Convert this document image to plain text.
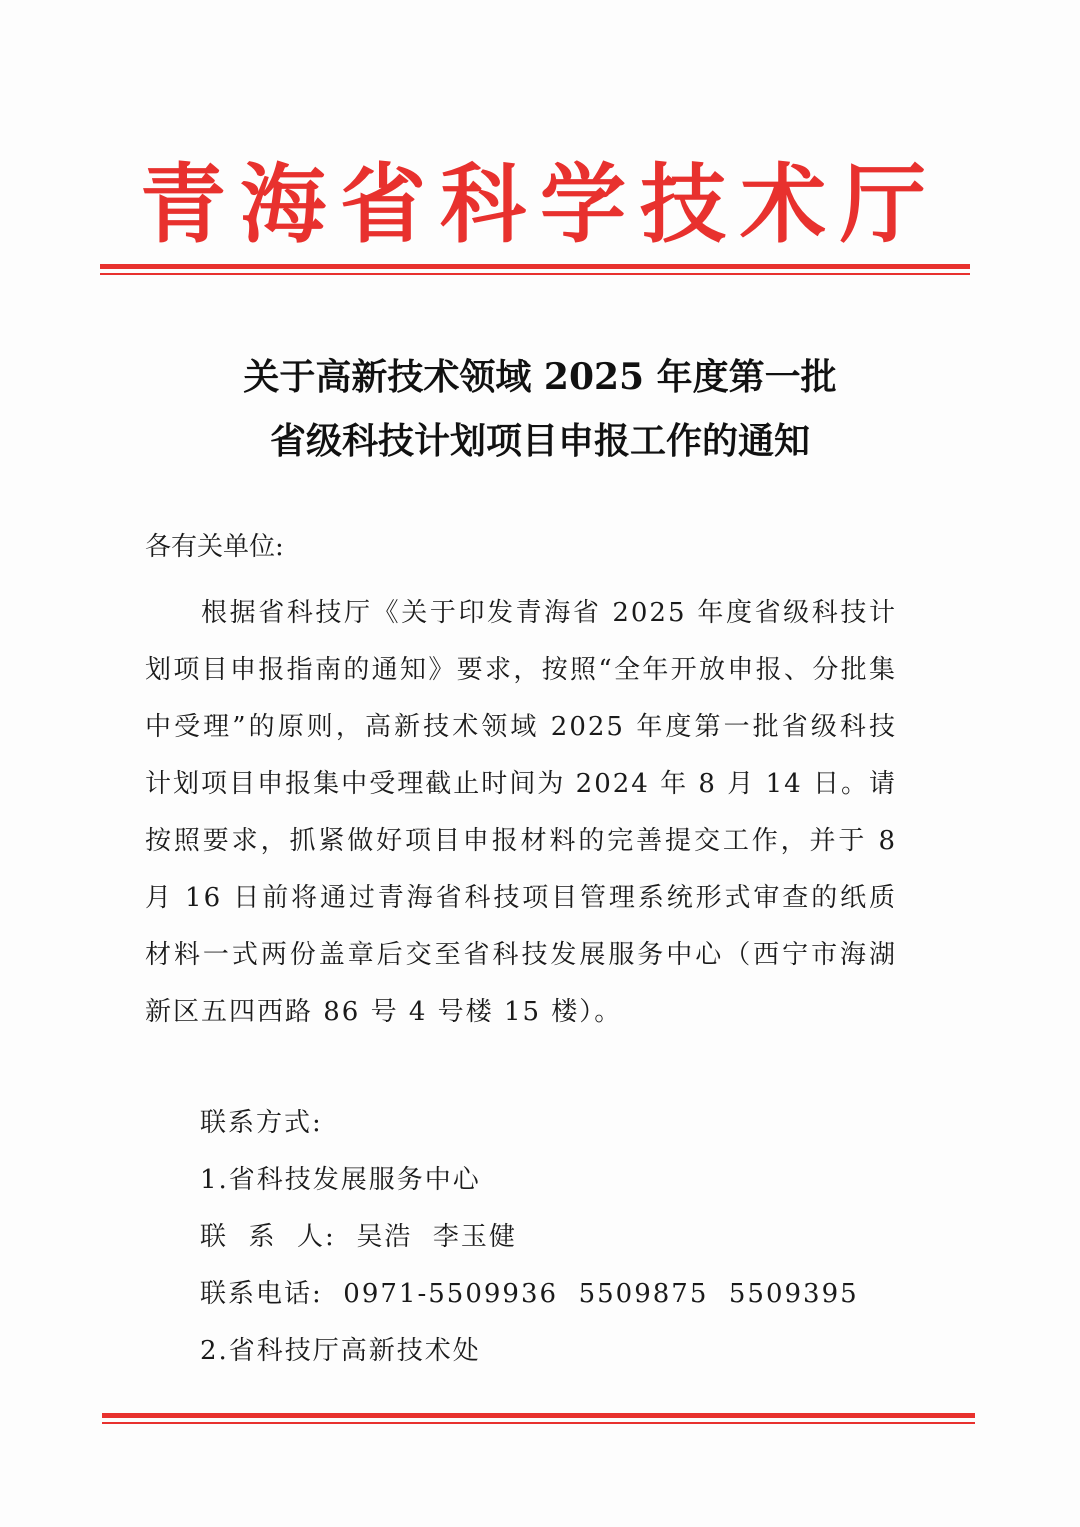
青海省科学技术厅
关于高新技术领域 2025 年度第一批
省级科技计划项目申报工作的通知
各有关单位:
根据省科技厅《关于印发青海省 2025 年度省级科技计划项目申报指南的通知》要求，按照“全年开放申报、分批集中受理”的原则，高新技术领域 2025 年度第一批省级科技计划项目申报集中受理截止时间为 2024 年 8 月 14 日。请按照要求，抓紧做好项目申报材料的完善提交工作，并于 8 月 16 日前将通过青海省科技项目管理系统形式审查的纸质材料一式两份盖章后交至省科技发展服务中心（西宁市海湖新区五四西路 86 号 4 号楼 15 楼）。
联系方式:
1.省科技发展服务中心
联  系  人:  吴浩  李玉健
联系电话:  0971-5509936  5509875  5509395
2.省科技厅高新技术处
